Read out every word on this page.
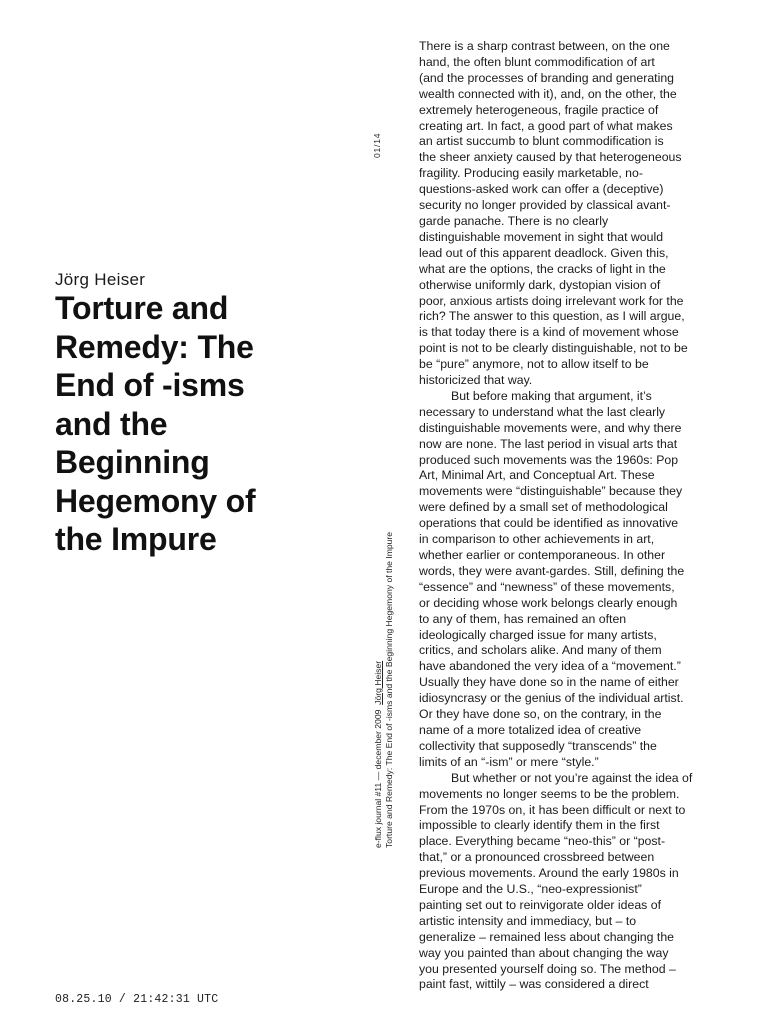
01/14
Jörg Heiser
Torture and
Remedy: The
End of -isms
and the
Beginning
Hegemony of
the Impure
e-flux journal #11 — december 2009  Jörg Heiser Torture and Remedy: The End of -isms and the Beginning Hegemony of the Impure
There is a sharp contrast between, on the one
hand, the often blunt commodification of art
(and the processes of branding and generating
wealth connected with it), and, on the other, the
extremely heterogeneous, fragile practice of
creating art. In fact, a good part of what makes
an artist succumb to blunt commodification is
the sheer anxiety caused by that heterogeneous
fragility. Producing easily marketable, no-
questions-asked work can offer a (deceptive)
security no longer provided by classical avant-
garde panache. There is no clearly
distinguishable movement in sight that would
lead out of this apparent deadlock. Given this,
what are the options, the cracks of light in the
otherwise uniformly dark, dystopian vision of
poor, anxious artists doing irrelevant work for the
rich? The answer to this question, as I will argue,
is that today there is a kind of movement whose
point is not to be clearly distinguishable, not to be
be “pure” anymore, not to allow itself to be
historicized that way.
But before making that argument, it’s
necessary to understand what the last clearly
distinguishable movements were, and why there
now are none. The last period in visual arts that
produced such movements was the 1960s: Pop
Art, Minimal Art, and Conceptual Art. These
movements were “distinguishable” because they
were defined by a small set of methodological
operations that could be identified as innovative
in comparison to other achievements in art,
whether earlier or contemporaneous. In other
words, they were avant-gardes. Still, defining the
“essence” and “newness” of these movements,
or deciding whose work belongs clearly enough
to any of them, has remained an often
ideologically charged issue for many artists,
critics, and scholars alike. And many of them
have abandoned the very idea of a “movement.”
Usually they have done so in the name of either
idiosyncrasy or the genius of the individual artist.
Or they have done so, on the contrary, in the
name of a more totalized idea of creative
collectivity that supposedly “transcends” the
limits of an “-ism” or mere “style.”
But whether or not you’re against the idea of
movements no longer seems to be the problem.
From the 1970s on, it has been difficult or next to
impossible to clearly identify them in the first
place. Everything became “neo-this” or “post-
that,” or a pronounced crossbreed between
previous movements. Around the early 1980s in
Europe and the U.S., “neo-expressionist”
painting set out to reinvigorate older ideas of
artistic intensity and immediacy, but – to
generalize – remained less about changing the
way you painted than about changing the way
you presented yourself doing so. The method –
paint fast, wittily – was considered a direct
08.25.10 / 21:42:31 UTC
